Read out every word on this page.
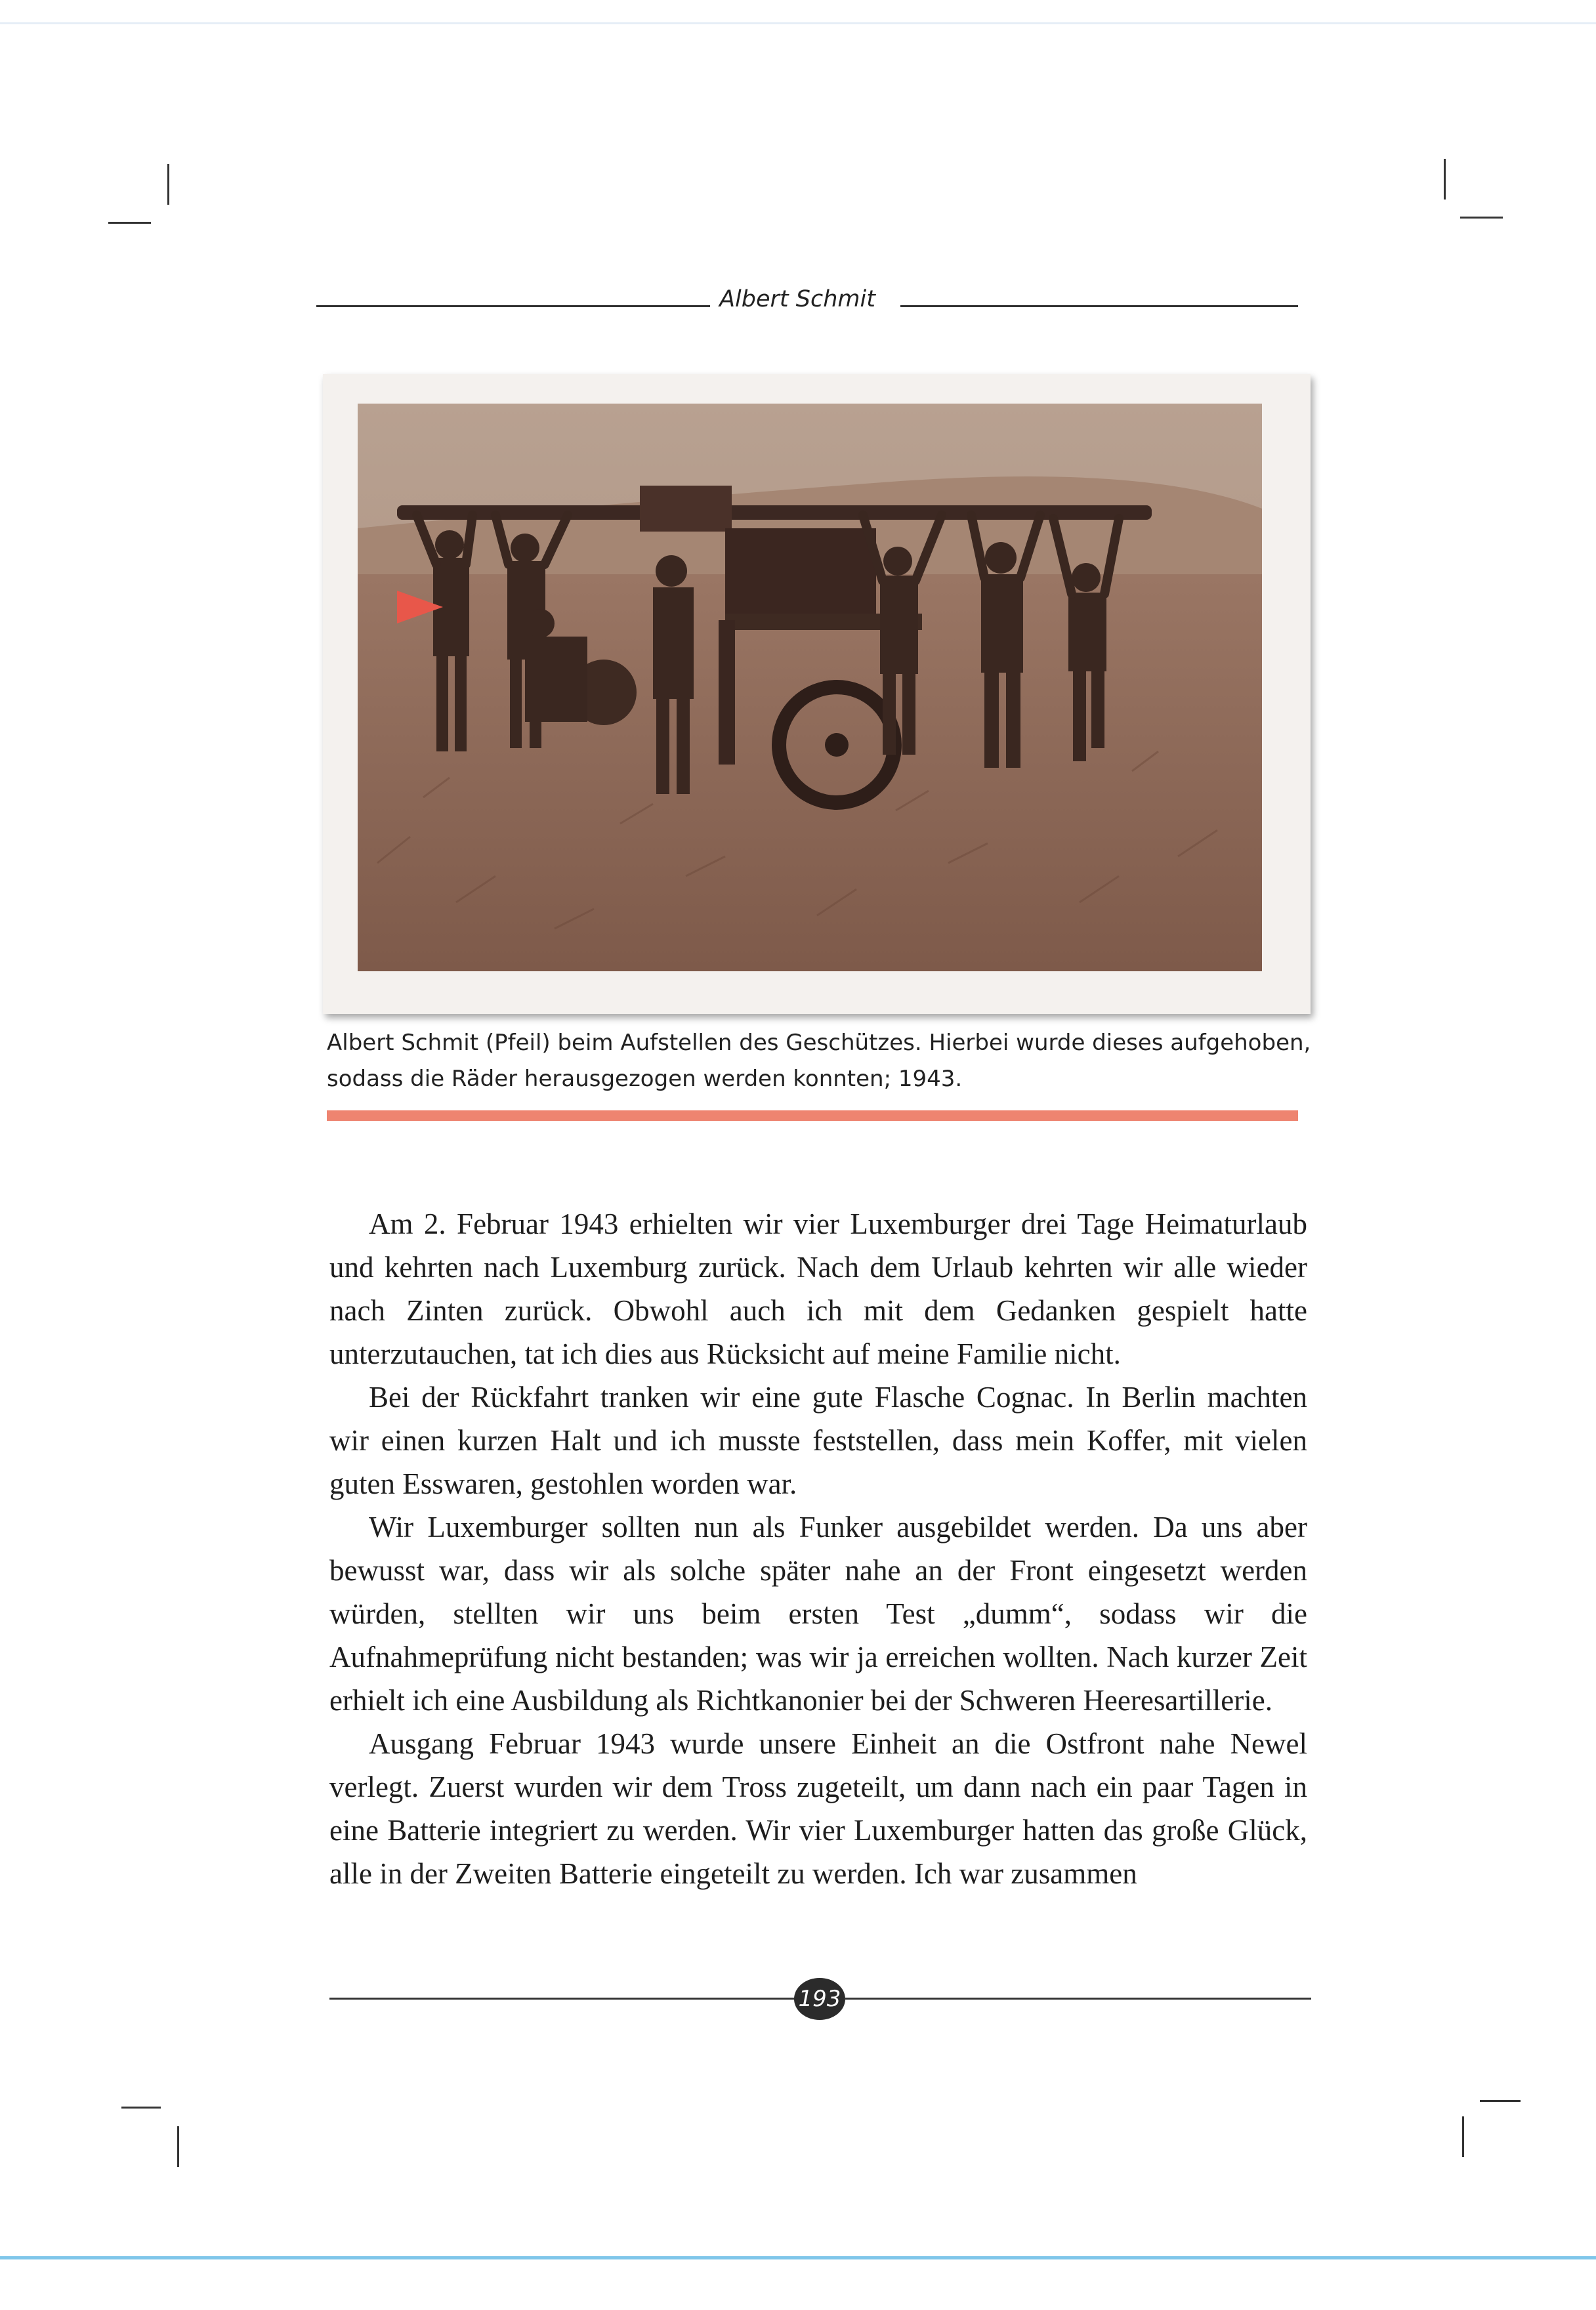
Albert Schmit
Albert Schmit (Pfeil) beim Aufstellen des Geschützes. Hierbei wurde dieses aufgehoben,
sodass die Räder herausgezogen werden konnten; 1943.

Am 2. Februar 1943 erhielten wir vier Luxemburger drei Tage Heimaturlaub und kehrten nach Luxemburg zurück. Nach dem Urlaub kehrten wir alle wieder nach Zinten zurück. Obwohl auch ich mit dem Gedanken gespielt hatte unterzutauchen, tat ich dies aus Rücksicht auf meine Familie nicht.

Bei der Rückfahrt tranken wir eine gute Flasche Cognac. In Berlin machten wir einen kurzen Halt und ich musste feststellen, dass mein Koffer, mit vielen guten Esswaren, gestohlen worden war.

Wir Luxemburger sollten nun als Funker ausgebildet werden. Da uns aber bewusst war, dass wir als solche später nahe an der Front eingesetzt werden würden, stellten wir uns beim ersten Test „dumm“, sodass wir die Aufnahmeprüfung nicht bestanden; was wir ja erreichen wollten. Nach kurzer Zeit erhielt ich eine Ausbildung als Richtkanonier bei der Schweren Heeresartillerie.

Ausgang Februar 1943 wurde unsere Einheit an die Ostfront nahe Newel verlegt. Zuerst wurden wir dem Tross zugeteilt, um dann nach ein paar Tagen in eine Batterie integriert zu werden. Wir vier Luxemburger hatten das große Glück, alle in der Zweiten Batterie eingeteilt zu werden. Ich war zusammen

193
